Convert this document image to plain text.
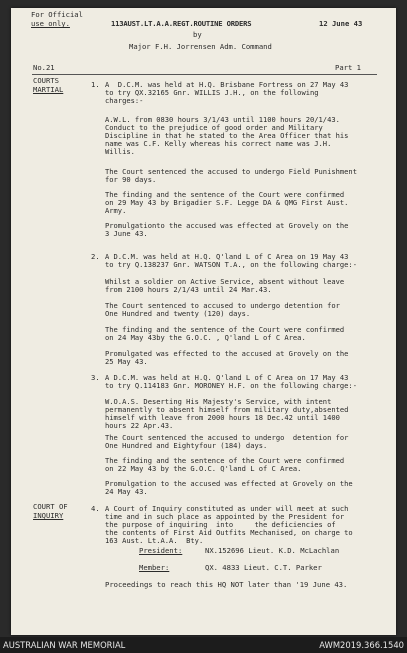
For Official
use only.	113AUST.LT.A.A.REGT.ROUTINE ORDERS	12 June 43
by
Major F.H. Jorrensen Adm. Command
No.21	Part 1
COURTS
MARTIAL
1. A  D.C.M. was held at H.Q. Brisbane Fortress on 27 May 43
to try QX.32165 Gnr. WILLIS J.H., on the following
charges:-
A.W.L. from 0830 hours 3/1/43 until 1100 hours 20/1/43.
Conduct to the prejudice of good order and Military
Discipline in that he stated to the Area Officer that his
name was C.F. Kelly whereas his correct name was J.H.
Willis.
The Court sentenced the accused to undergo Field Punishment
for 90 days.
The finding and the sentence of the Court were confirmed
on 29 May 43 by Brigadier S.F. Legge DA & QMG First Aust.
Army.
Promulgationto the accused was effected at Grovely on the
3 June 43.
2. A D.C.M. was held at H.Q. Q'land L of C Area on 19 May 43
to try Q.138237 Gnr. WATSON T.A., on the following charge:-
Whilst a soldier on Active Service, absent without leave
from 2100 hours 2/1/43 until 24 Mar.43.
The Court sentenced to accused to undergo detention for
One Hundred and twenty (120) days.
The finding and the sentence of the Court were confirmed
on 24 May 43by the G.O.C. , Q'land L of C Area.
Promulgated was effected to the accused at Grovely on the
25 May 43.
3. A D.C.M. was held at H.Q. Q'land L of C Area on 17 May 43
to try Q.114183 Gnr. MORONEY H.F. on the following charge:-
W.O.A.S. Deserting His Majesty's Service, with intent
permanently to absent himself from military duty,absented
himself with leave from 2000 hours 18 Dec.42 until 1400
hours 22 Apr.43.
The Court sentenced the accused to undergo  detention for
One Hundred and Eightyfour (184) days.
The finding and the sentence of the Court were confirmed
on 22 May 43 by the G.O.C. Q'land L of C Area.
Promulgation to the accused was effected at Grovely on the
24 May 43.
COURT OF
INQUIRY
4. A Court of Inquiry constituted as under will meet at such
time and in such place as appointed by the President for
the purpose of inquiring  into     the deficiencies of
the contents of First Aid Outfits Mechanised, on charge to
163 Aust. Lt.A.A.  Bty.
President:	NX.152696 Lieut. K.D. McLachlan
Member:	QX. 4833 Lieut. C.T. Parker
Proceedings to reach this HQ NOT later than '19 June 43.
AUSTRALIAN WAR MEMORIAL	AWM2019.366.1540
